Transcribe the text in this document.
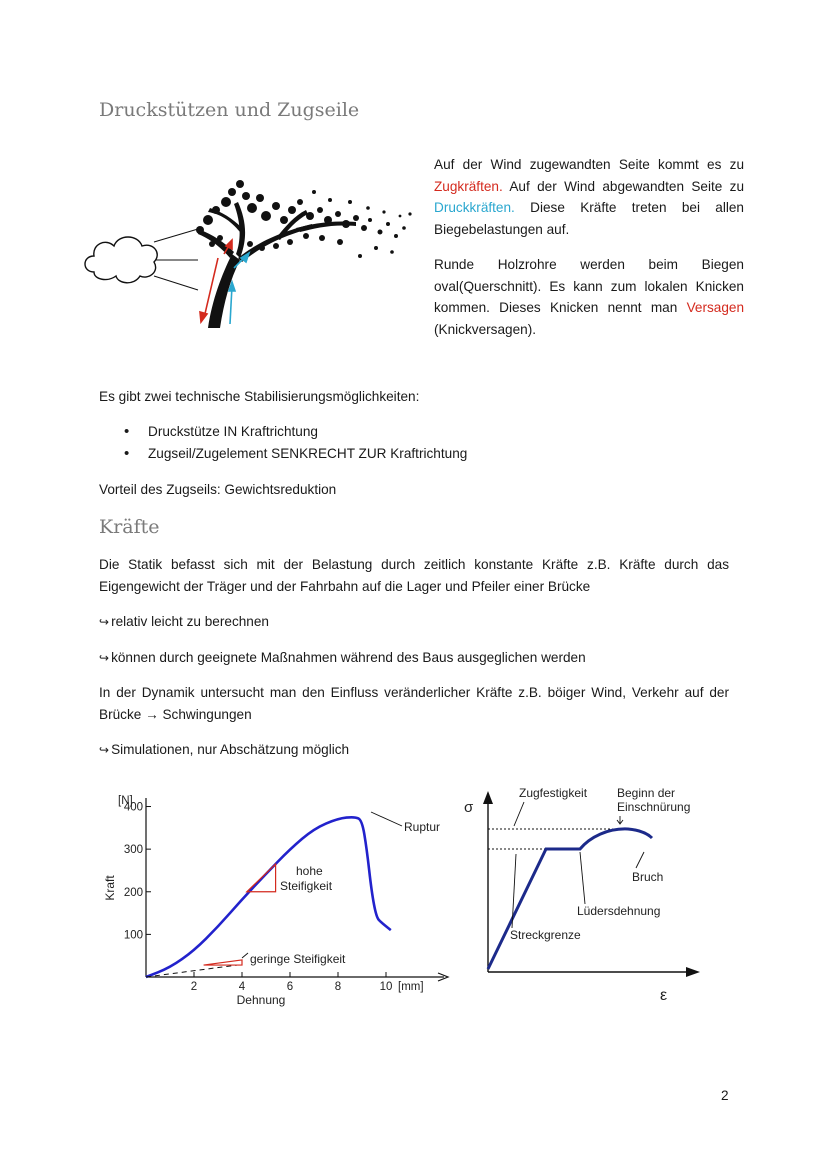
Druckstützen und Zugseile
Auf der Wind zugewandten Seite kommt es zu
Zugkräften. Auf der Wind abgewandten Seite zu
Druckkräften. Diese Kräfte treten bei allen
Biegebelastungen auf.
Runde Holzrohre werden beim Biegen
oval(Querschnitt). Es kann zum lokalen Knicken
kommen. Dieses Knicken nennt man Versagen
(Knickversagen).
Es gibt zwei technische Stabilisierungsmöglichkeiten:
• Druckstütze IN Kraftrichtung
• Zugseil/Zugelement SENKRECHT ZUR Kraftrichtung
Vorteil des Zugseils: Gewichtsreduktion
Kräfte
Die Statik befasst sich mit der Belastung durch zeitlich konstante Kräfte z.B. Kräfte durch das
Eigengewicht der Träger und der Fahrbahn auf die Lager und Pfeiler einer Brücke
↪ relativ leicht zu berechnen
↪ können durch geeignete Maßnahmen während des Baus ausgeglichen werden
In der Dynamik untersucht man den Einfluss veränderlicher Kräfte z.B. böiger Wind, Verkehr auf der
Brücke → Schwingungen
↪ Simulationen, nur Abschätzung möglich
2	4	6	8	10
100
200
300
400
Kraft
[N]
Dehnung
[mm]
Ruptur
hohe
Steifigkeit
geringe Steifigkeit
σ
ε
Zugfestigkeit Beginn der
Einschnürung
Bruch
Lüdersdehnung
Streckgrenze
2
